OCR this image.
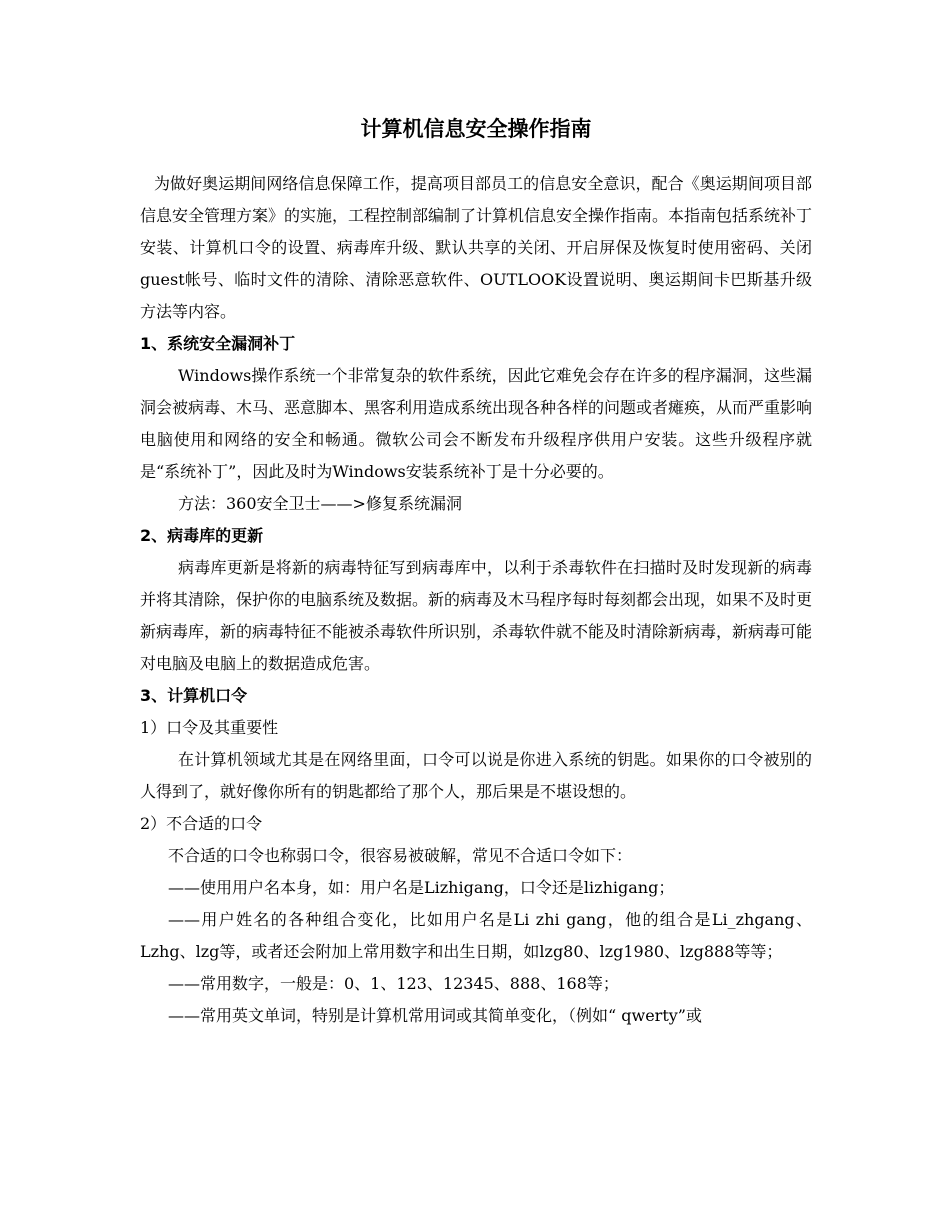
计算机信息安全操作指南

为做好奥运期间网络信息保障工作，提高项目部员工的信息安全意识，配合《奥运期间项目部信息安全管理方案》的实施，工程控制部编制了计算机信息安全操作指南。本指南包括系统补丁安装、计算机口令的设置、病毒库升级、默认共享的关闭、开启屏保及恢复时使用密码、关闭guest帐号、临时文件的清除、清除恶意软件、OUTLOOK设置说明、奥运期间卡巴斯基升级方法等内容。

1、系统安全漏洞补丁

Windows操作系统一个非常复杂的软件系统，因此它难免会存在许多的程序漏洞，这些漏洞会被病毒、木马、恶意脚本、黑客利用造成系统出现各种各样的问题或者瘫痪，从而严重影响电脑使用和网络的安全和畅通。微软公司会不断发布升级程序供用户安装。这些升级程序就是“系统补丁”，因此及时为Windows安装系统补丁是十分必要的。

方法：360安全卫士——>修复系统漏洞

2、病毒库的更新

病毒库更新是将新的病毒特征写到病毒库中，以利于杀毒软件在扫描时及时发现新的病毒并将其清除，保护你的电脑系统及数据。新的病毒及木马程序每时每刻都会出现，如果不及时更新病毒库，新的病毒特征不能被杀毒软件所识别，杀毒软件就不能及时清除新病毒，新病毒可能对电脑及电脑上的数据造成危害。

3、计算机口令

1）口令及其重要性

在计算机领域尤其是在网络里面，口令可以说是你进入系统的钥匙。如果你的口令被别的人得到了，就好像你所有的钥匙都给了那个人，那后果是不堪设想的。

2）不合适的口令

不合适的口令也称弱口令，很容易被破解，常见不合适口令如下：

——使用用户名本身，如：用户名是Lizhigang，口令还是lizhigang；

——用户姓名的各种组合变化，比如用户名是Li zhi gang，他的组合是Li_zhgang、Lzhg、lzg等，或者还会附加上常用数字和出生日期，如lzg80、lzg1980、lzg888等等；

——常用数字，一般是：0、1、123、12345、888、168等；

——常用英文单词，特别是计算机常用词或其简单变化，（例如“ qwerty”或
